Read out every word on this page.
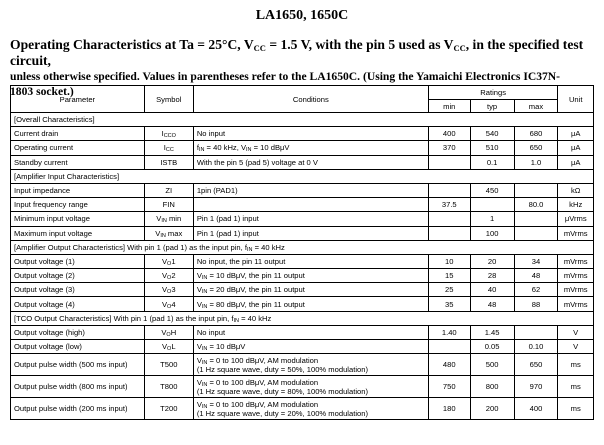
LA1650, 1650C
Operating Characteristics at Ta = 25°C, $V_{CC} = 1.5$ V, with the pin 5 used as $V_{CC}$, in the specified test circuit,
unless otherwise specified. Values in parentheses refer to the LA1650C. (Using the Yamaichi Electronics IC37N-
1803 socket.)
Parameter	Symbol	Conditions	Ratings			Unit
			min	typ	max	
[Overall Characteristics]						
Current drain	$I_{CCO}$	No input	400	540	680	μA
Operating current	$I_{CC}$	$f_{IN} = 40$ kHz, $V_{IN} = 10$ dBμV	370	510	650	μA
Standby current	ISTB	With the pin 5 (pad 5) voltage at 0 V		0.1	1.0	μA
[Amplifier Input Characteristics]						
Input impedance	ZI	1pin (PAD1)		450		kΩ
Input frequency range	FIN		37.5		80.0	kHz
Minimum input voltage	$V_{IN}$ min	Pin 1 (pad 1) input		1		μVrms
Maximum input voltage	$V_{IN}$ max	Pin 1 (pad 1) input		100		mVrms
[Amplifier Output Characteristics] With pin 1 (pad 1) as the input pin, $f_{IN} = 40$ kHz						
Output voltage (1)	$V_O1$	No input, the pin 11 output	10	20	34	mVrms
Output voltage (2)	$V_O2$	$V_{IN} = 10$ dBμV, the pin 11 output	15	28	48	mVrms
Output voltage (3)	$V_O3$	$V_{IN} = 20$ dBμV, the pin 11 output	25	40	62	mVrms
Output voltage (4)	$V_O4$	$V_{IN} = 80$ dBμV, the pin 11 output	35	48	88	mVrms
[TCO Output Characteristics] With pin 1 (pad 1) as the input pin, $f_{IN} = 40$ kHz						
Output voltage (high)	$V_OH$	No input	1.40	1.45		V
Output voltage (low)	$V_OL$	$V_{IN} = 10$ dBμV		0.05	0.10	V
Output pulse width (500 ms input)	T500	$V_{IN} = 0$ to 100 dBμV, AM modulation
(1 Hz square wave, duty = 50%, 100% modulation)	480	500	650	ms
Output pulse width (800 ms input)	T800	$V_{IN} = 0$ to 100 dBμV, AM modulation
(1 Hz square wave, duty = 80%, 100% modulation)	750	800	970	ms
Output pulse width (200 ms input)	T200	$V_{IN} = 0$ to 100 dBμV, AM modulation
(1 Hz square wave, duty = 20%, 100% modulation)	180	200	400	ms
